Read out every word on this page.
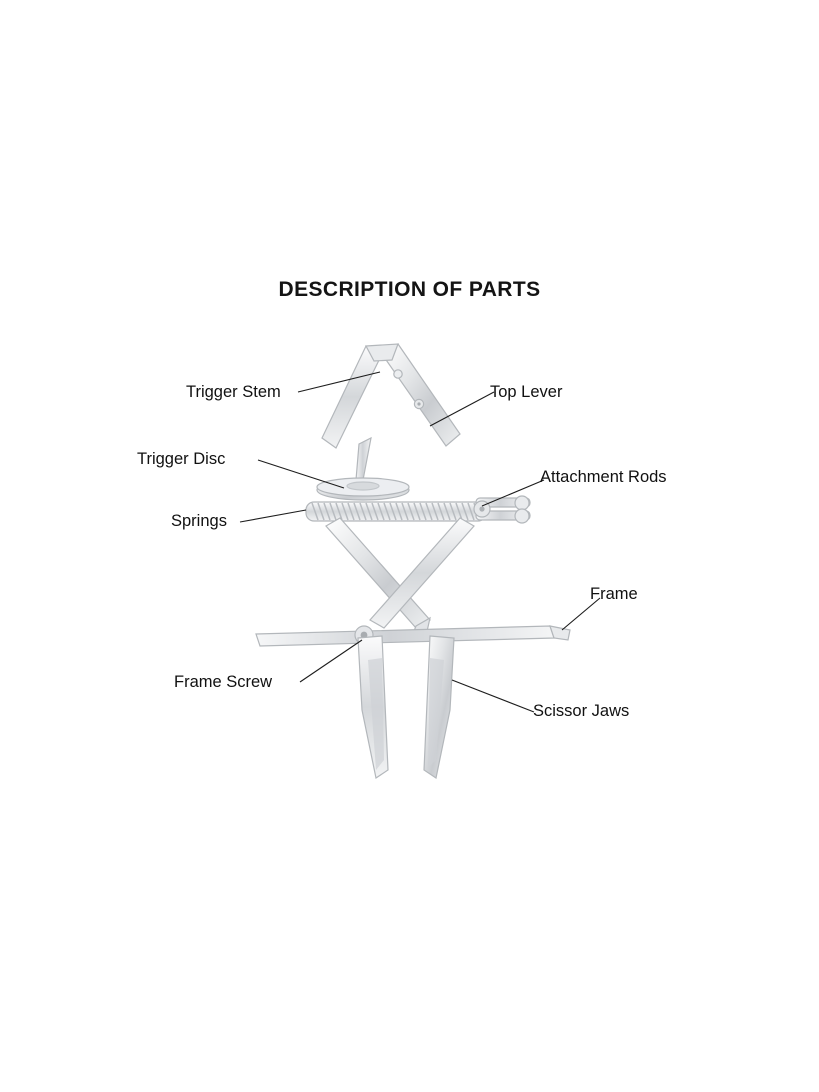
DESCRIPTION OF PARTS
Trigger Stem	Top Lever
Trigger Disc
Attachment Rods
Springs
Frame
Frame Screw
Scissor Jaws
